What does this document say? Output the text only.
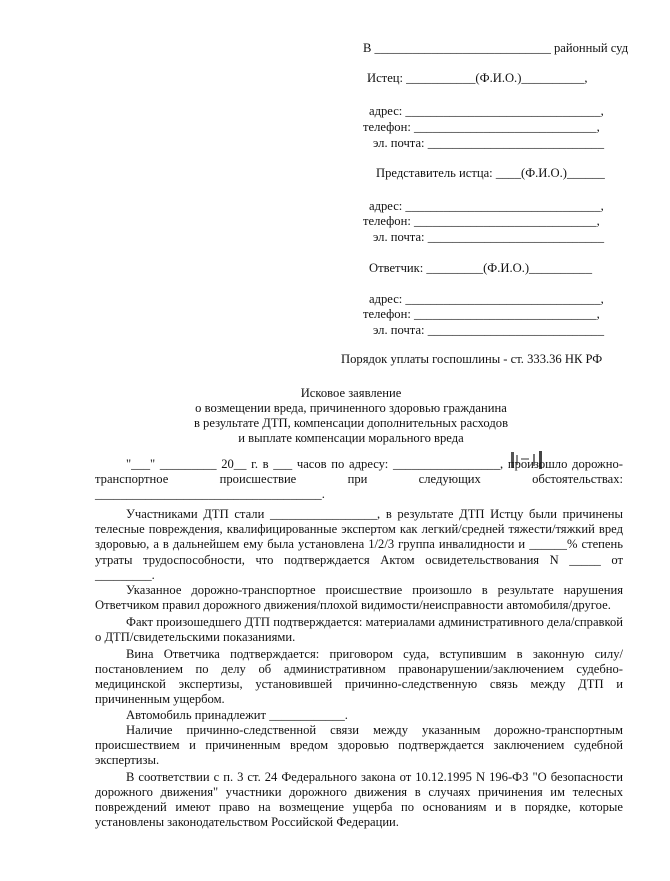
В ____________________________ районный суд
Истец: ___________(Ф.И.О.)__________,
адрес: _______________________________,
телефон: _____________________________,
эл. почта: ____________________________
Представитель истца: ____(Ф.И.О.)______
адрес: _______________________________,
телефон: _____________________________,
эл. почта: ____________________________
Ответчик: _________(Ф.И.О.)__________
адрес: _______________________________,
телефон: _____________________________,
эл. почта: ____________________________
Порядок уплаты госпошлины - ст. 333.36 НК РФ
Исковое заявление
о возмещении вреда, причиненного здоровью гражданина
в результате ДТП, компенсации дополнительных расходов
и выплате компенсации морального вреда

"___" _________ 20__ г. в ___ часов по адресу: _________________, произошло дорожно-транспортное происшествие при следующих обстоятельствах: ____________________________________.

Участниками ДТП стали _________________, в результате ДТП Истцу были причинены телесные повреждения, квалифицированные экспертом как легкий/средней тяжести/тяжкий вред здоровью, а в дальнейшем ему была установлена 1/2/3 группа инвалидности и ______% степень утраты трудоспособности, что подтверждается Актом освидетельствования N _____ от _________.

Указанное дорожно-транспортное происшествие произошло в результате нарушения Ответчиком правил дорожного движения/плохой видимости/неисправности автомобиля/другое.

Факт произошедшего ДТП подтверждается: материалами административного дела/справкой о ДТП/свидетельскими показаниями.

Вина Ответчика подтверждается: приговором суда, вступившим в законную силу/постановлением по делу об административном правонарушении/заключением судебно-медицинской экспертизы, установившей причинно-следственную связь между ДТП и причиненным ущербом.

Автомобиль принадлежит ____________.

Наличие причинно-следственной связи между указанным дорожно-транспортным происшествием и причиненным вредом здоровью подтверждается заключением судебной экспертизы.

В соответствии с п. 3 ст. 24 Федерального закона от 10.12.1995 N 196-ФЗ "О безопасности дорожного движения" участники дорожного движения в случаях причинения им телесных повреждений имеют право на возмещение ущерба по основаниям и в порядке, которые установлены законодательством Российской Федерации.
